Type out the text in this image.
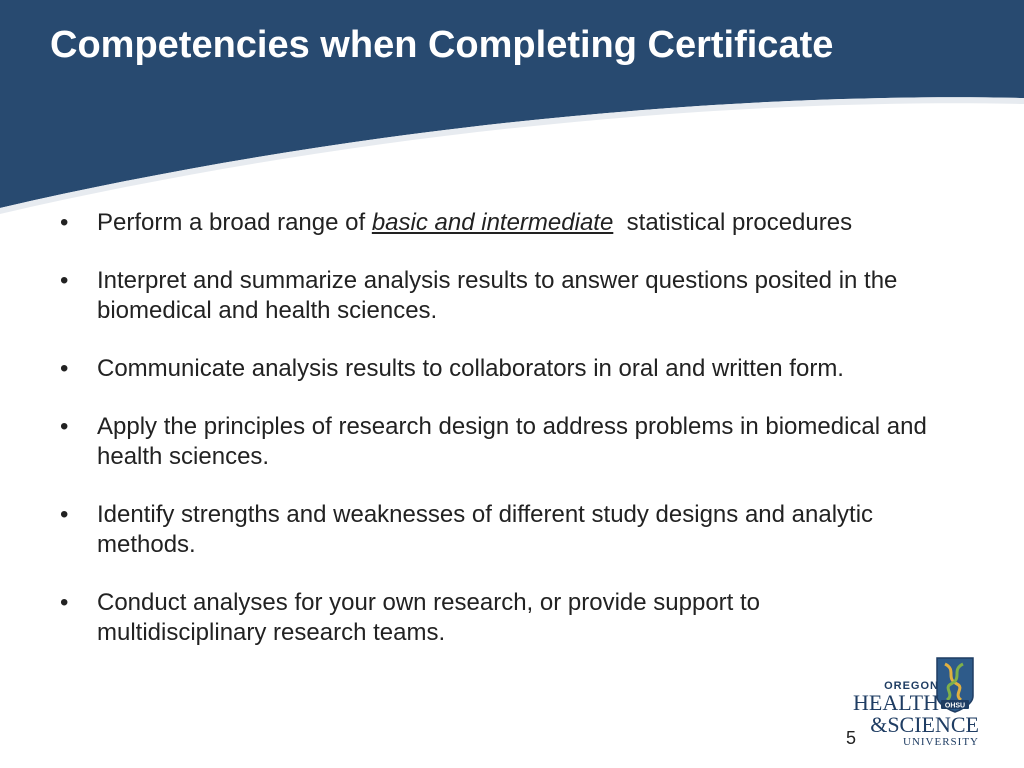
Competencies when Completing Certificate
• Perform a broad range of basic and intermediate  statistical procedures
• Interpret and summarize analysis results to answer questions posited in the biomedical and health sciences.
• Communicate analysis results to collaborators in oral and written form.
• Apply the principles of research design to address problems in biomedical and health sciences.
• Identify strengths and weaknesses of different study designs and analytic methods.
• Conduct analyses for your own research, or provide support to multidisciplinary research teams.
OHSU
OREGON
HEALTH
&SCIENCE
UNIVERSITY
5
